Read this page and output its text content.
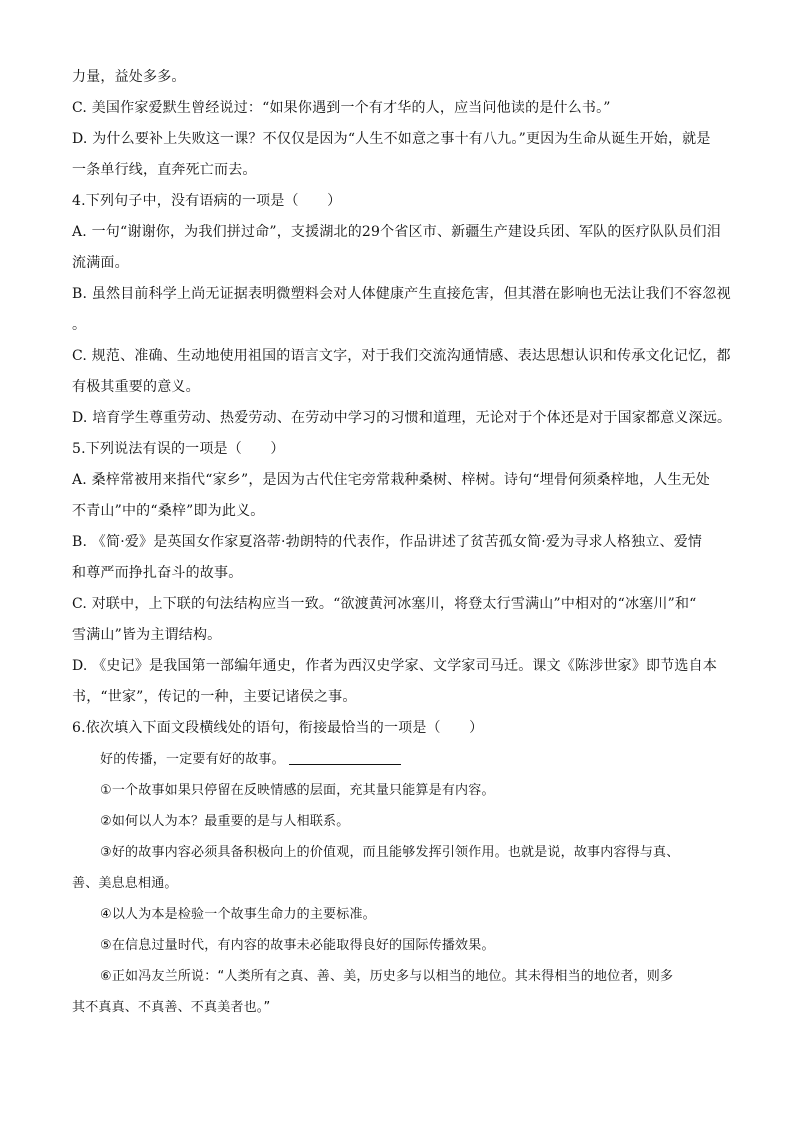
力量，益处多多。
C. 美国作家爱默生曾经说过：“如果你遇到一个有才华的人，应当问他读的是什么书。”
D. 为什么要补上失败这一课？不仅仅是因为“人生不如意之事十有八九。”更因为生命从诞生开始，就是
一条单行线，直奔死亡而去。
4.下列句子中，没有语病的一项是（　　）
A. 一句“谢谢你，为我们拼过命”，支援湖北的29个省区市、新疆生产建设兵团、军队的医疗队队员们泪
流满面。
B. 虽然目前科学上尚无证据表明微塑料会对人体健康产生直接危害，但其潜在影响也无法让我们不容忽视
。
C. 规范、准确、生动地使用祖国的语言文字，对于我们交流沟通情感、表达思想认识和传承文化记忆，都
有极其重要的意义。
D. 培育学生尊重劳动、热爱劳动、在劳动中学习的习惯和道理，无论对于个体还是对于国家都意义深远。
5.下列说法有误的一项是（　　）
A. 桑梓常被用来指代“家乡”，是因为古代住宅旁常栽种桑树、梓树。诗句“埋骨何须桑梓地，人生无处
不青山”中的“桑梓”即为此义。
B. 《简·爱》是英国女作家夏洛蒂·勃朗特的代表作，作品讲述了贫苦孤女简·爱为寻求人格独立、爱情
和尊严而挣扎奋斗的故事。
C. 对联中，上下联的句法结构应当一致。“欲渡黄河冰塞川，将登太行雪满山”中相对的“冰塞川”和“
雪满山”皆为主谓结构。
D. 《史记》是我国第一部编年通史，作者为西汉史学家、文学家司马迁。课文《陈涉世家》即节选自本
书，“世家”，传记的一种，主要记诸侯之事。
6.依次填入下面文段横线处的语句，衔接最恰当的一项是（　　）
好的传播，一定要有好的故事。
①一个故事如果只停留在反映情感的层面，充其量只能算是有内容。
②如何以人为本？最重要的是与人相联系。
③好的故事内容必须具备积极向上的价值观，而且能够发挥引领作用。也就是说，故事内容得与真、
善、美息息相通。
④以人为本是检验一个故事生命力的主要标准。
⑤在信息过量时代，有内容的故事未必能取得良好的国际传播效果。
⑥正如冯友兰所说：“人类所有之真、善、美，历史多与以相当的地位。其未得相当的地位者，则多
其不真真、不真善、不真美者也。”
